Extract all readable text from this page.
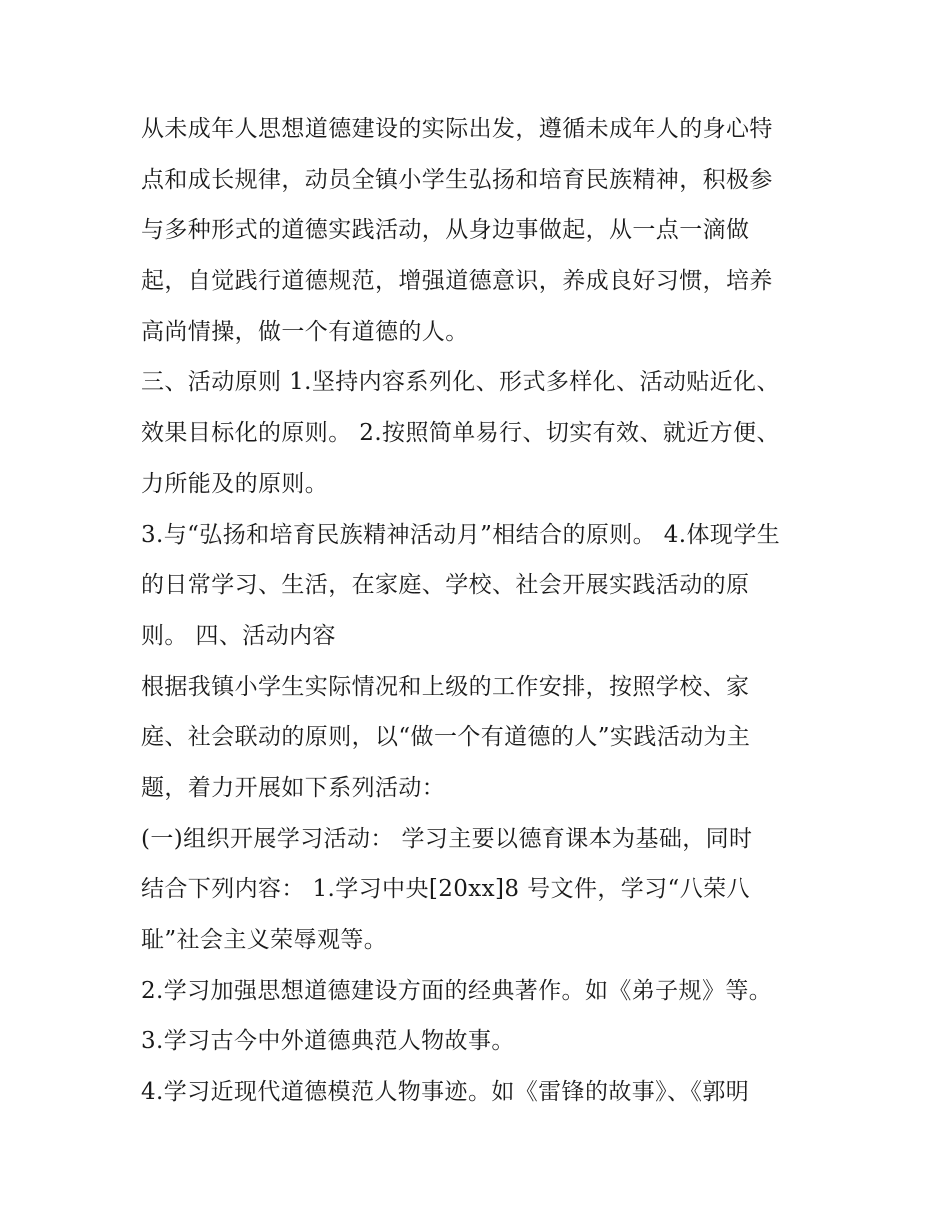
从未成年人思想道德建设的实际出发，遵循未成年人的身心特
点和成长规律，动员全镇小学生弘扬和培育民族精神，积极参
与多种形式的道德实践活动，从身边事做起，从一点一滴做
起，自觉践行道德规范，增强道德意识，养成良好习惯，培养
高尚情操，做一个有道德的人。
三、活动原则 1.坚持内容系列化、形式多样化、活动贴近化、
效果目标化的原则。 2.按照简单易行、切实有效、就近方便、
力所能及的原则。
3.与“弘扬和培育民族精神活动月”相结合的原则。 4.体现学生
的日常学习、生活，在家庭、学校、社会开展实践活动的原
则。 四、活动内容
根据我镇小学生实际情况和上级的工作安排，按照学校、家
庭、社会联动的原则，以“做一个有道德的人”实践活动为主
题，着力开展如下系列活动：
(一)组织开展学习活动： 学习主要以德育课本为基础，同时
结合下列内容： 1.学习中央[20xx]8 号文件，学习“八荣八
耻”社会主义荣辱观等。
2.学习加强思想道德建设方面的经典著作。如《弟子规》等。
3.学习古今中外道德典范人物故事。
4.学习近现代道德模范人物事迹。如《雷锋的故事》、《郭明
